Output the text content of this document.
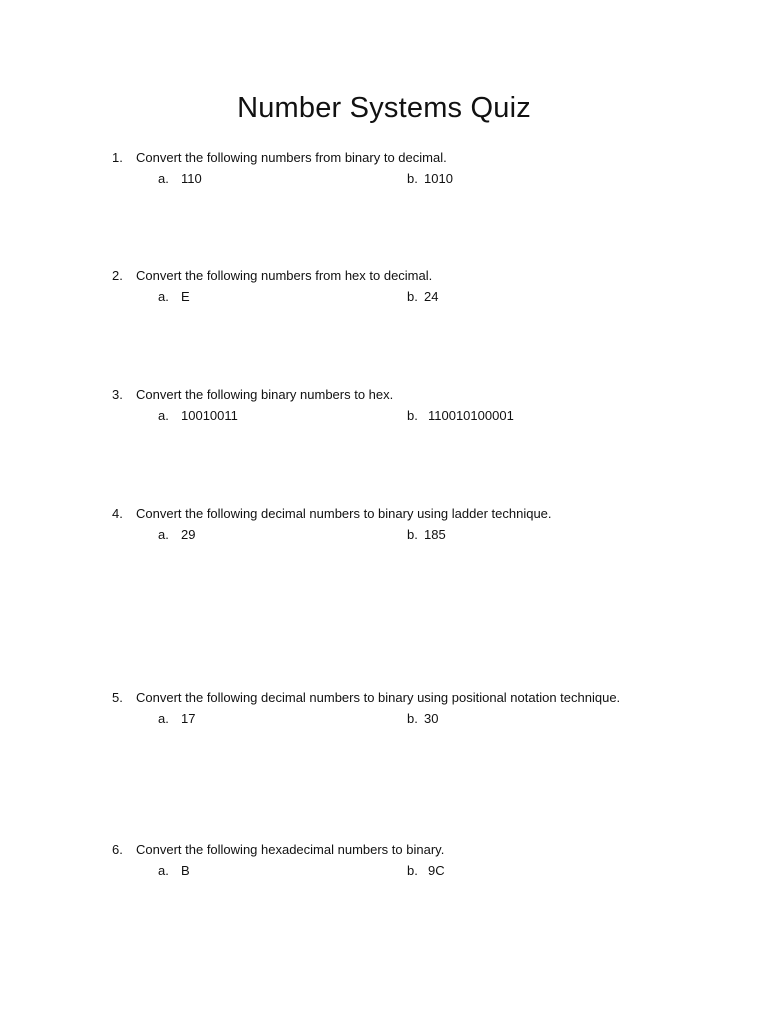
Number Systems Quiz
1. Convert the following numbers from binary to decimal.
a. 110	b. 1010
2. Convert the following numbers from hex to decimal.
a. E	b. 24
3. Convert the following binary numbers to hex.
a. 10010011	b. 110010100001
4. Convert the following decimal numbers to binary using ladder technique.
a. 29	b. 185
5. Convert the following decimal numbers to binary using positional notation technique.
a. 17	b. 30
6. Convert the following hexadecimal numbers to binary.
a. B	b. 9C
